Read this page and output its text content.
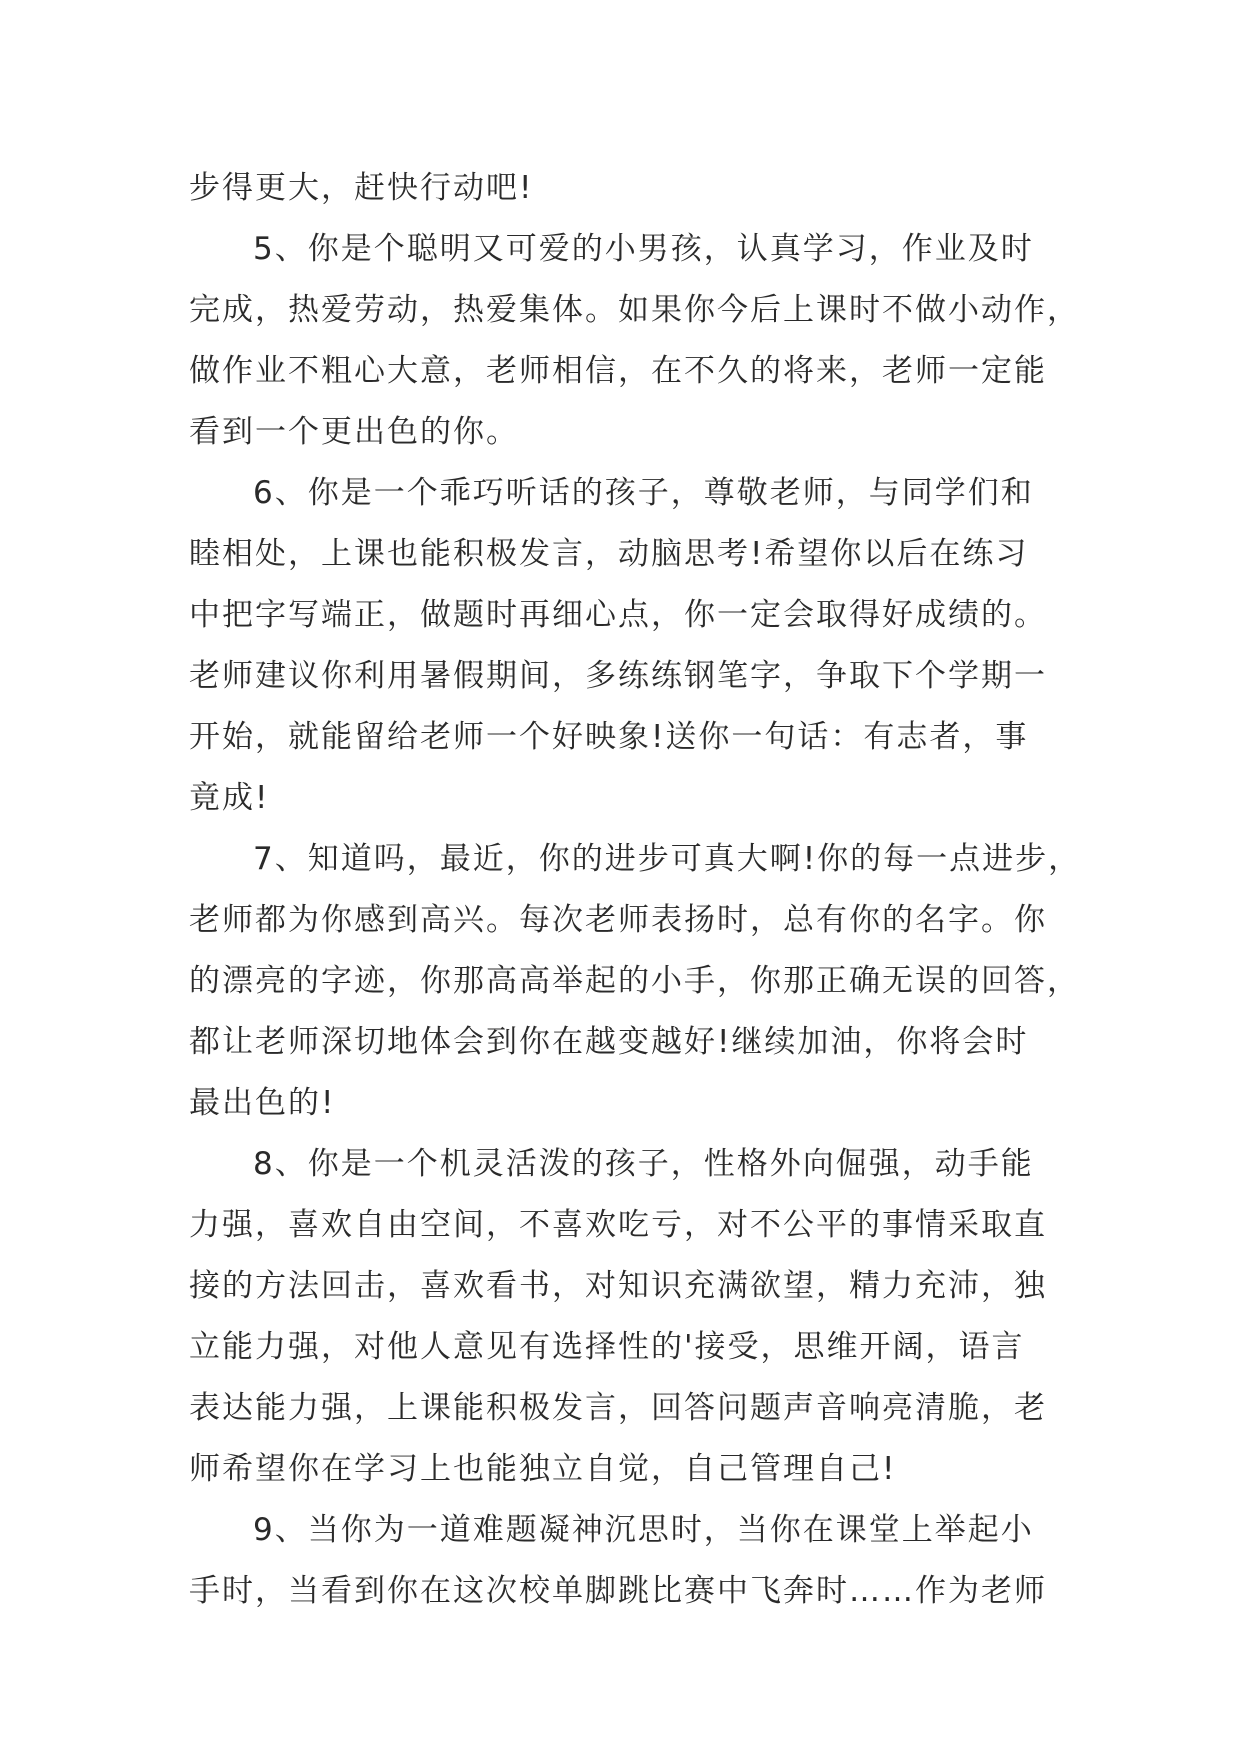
步得更大，赶快行动吧!
5、你是个聪明又可爱的小男孩，认真学习，作业及时
完成，热爱劳动，热爱集体。如果你今后上课时不做小动作，
做作业不粗心大意，老师相信，在不久的将来，老师一定能
看到一个更出色的你。
6、你是一个乖巧听话的孩子，尊敬老师，与同学们和
睦相处，上课也能积极发言，动脑思考!希望你以后在练习
中把字写端正，做题时再细心点，你一定会取得好成绩的。
老师建议你利用暑假期间，多练练钢笔字，争取下个学期一
开始，就能留给老师一个好映象!送你一句话：有志者，事
竟成!
7、知道吗，最近，你的进步可真大啊!你的每一点进步，
老师都为你感到高兴。每次老师表扬时，总有你的名字。你
的漂亮的字迹，你那高高举起的小手，你那正确无误的回答，
都让老师深切地体会到你在越变越好!继续加油，你将会时
最出色的!
8、你是一个机灵活泼的孩子，性格外向倔强，动手能
力强，喜欢自由空间，不喜欢吃亏，对不公平的事情采取直
接的方法回击，喜欢看书，对知识充满欲望，精力充沛，独
立能力强，对他人意见有选择性的'接受，思维开阔，语言
表达能力强，上课能积极发言，回答问题声音响亮清脆，老
师希望你在学习上也能独立自觉，自己管理自己!
9、当你为一道难题凝神沉思时，当你在课堂上举起小
手时，当看到你在这次校单脚跳比赛中飞奔时……作为老师
